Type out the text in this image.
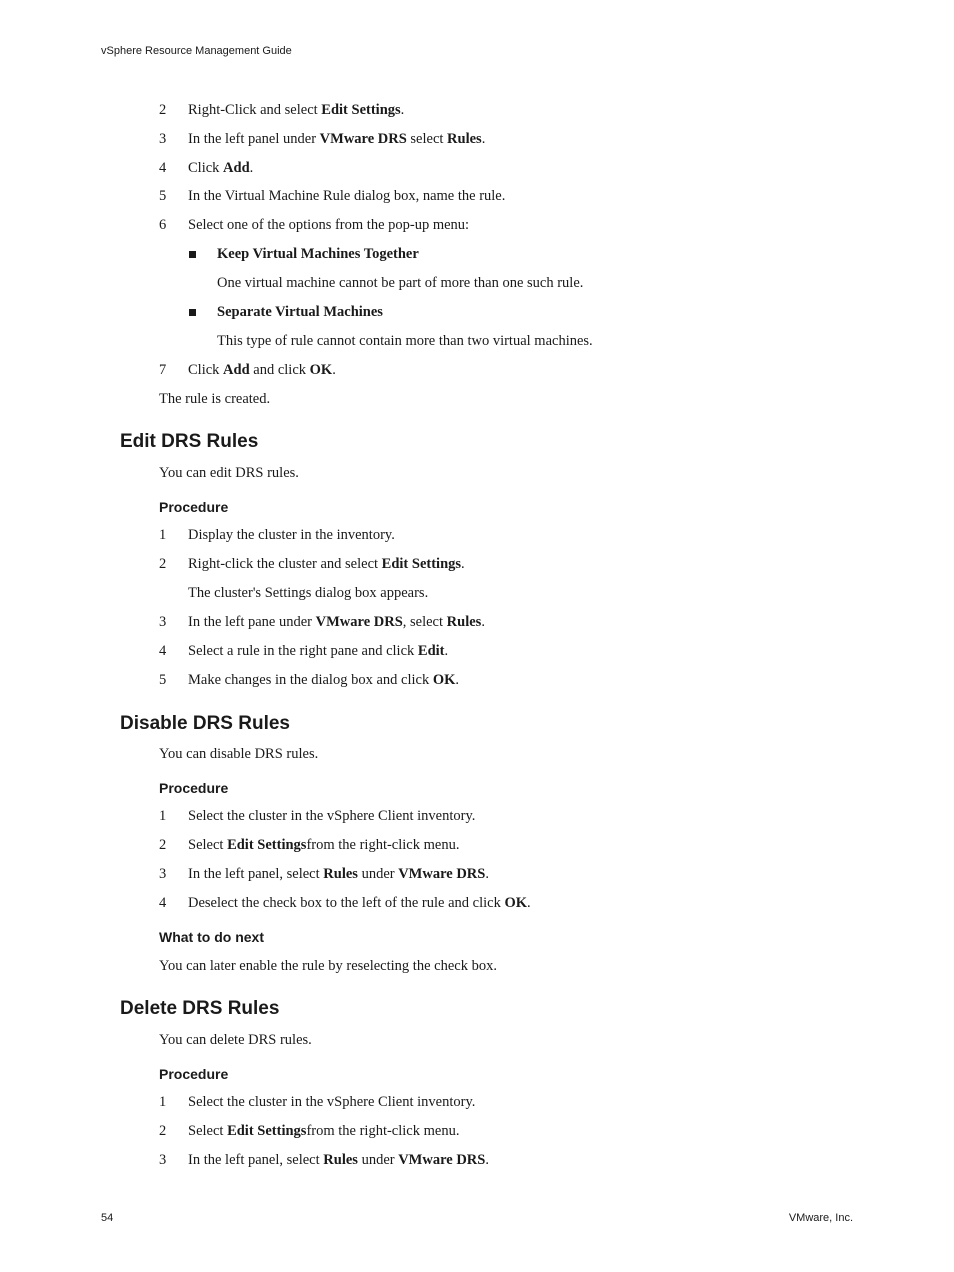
vSphere Resource Management Guide
2 Right-Click and select Edit Settings.
3 In the left panel under VMware DRS select Rules.
4 Click Add.
5 In the Virtual Machine Rule dialog box, name the rule.
6 Select one of the options from the pop-up menu:
Keep Virtual Machines Together
One virtual machine cannot be part of more than one such rule.
Separate Virtual Machines
This type of rule cannot contain more than two virtual machines.
7 Click Add and click OK.
The rule is created.
Edit DRS Rules
You can edit DRS rules.
Procedure
1 Display the cluster in the inventory.
2 Right-click the cluster and select Edit Settings.
The cluster's Settings dialog box appears.
3 In the left pane under VMware DRS, select Rules.
4 Select a rule in the right pane and click Edit.
5 Make changes in the dialog box and click OK.
Disable DRS Rules
You can disable DRS rules.
Procedure
1 Select the cluster in the vSphere Client inventory.
2 Select Edit Settingsfrom the right-click menu.
3 In the left panel, select Rules under VMware DRS.
4 Deselect the check box to the left of the rule and click OK.
What to do next
You can later enable the rule by reselecting the check box.
Delete DRS Rules
You can delete DRS rules.
Procedure
1 Select the cluster in the vSphere Client inventory.
2 Select Edit Settingsfrom the right-click menu.
3 In the left panel, select Rules under VMware DRS.
54	VMware, Inc.
